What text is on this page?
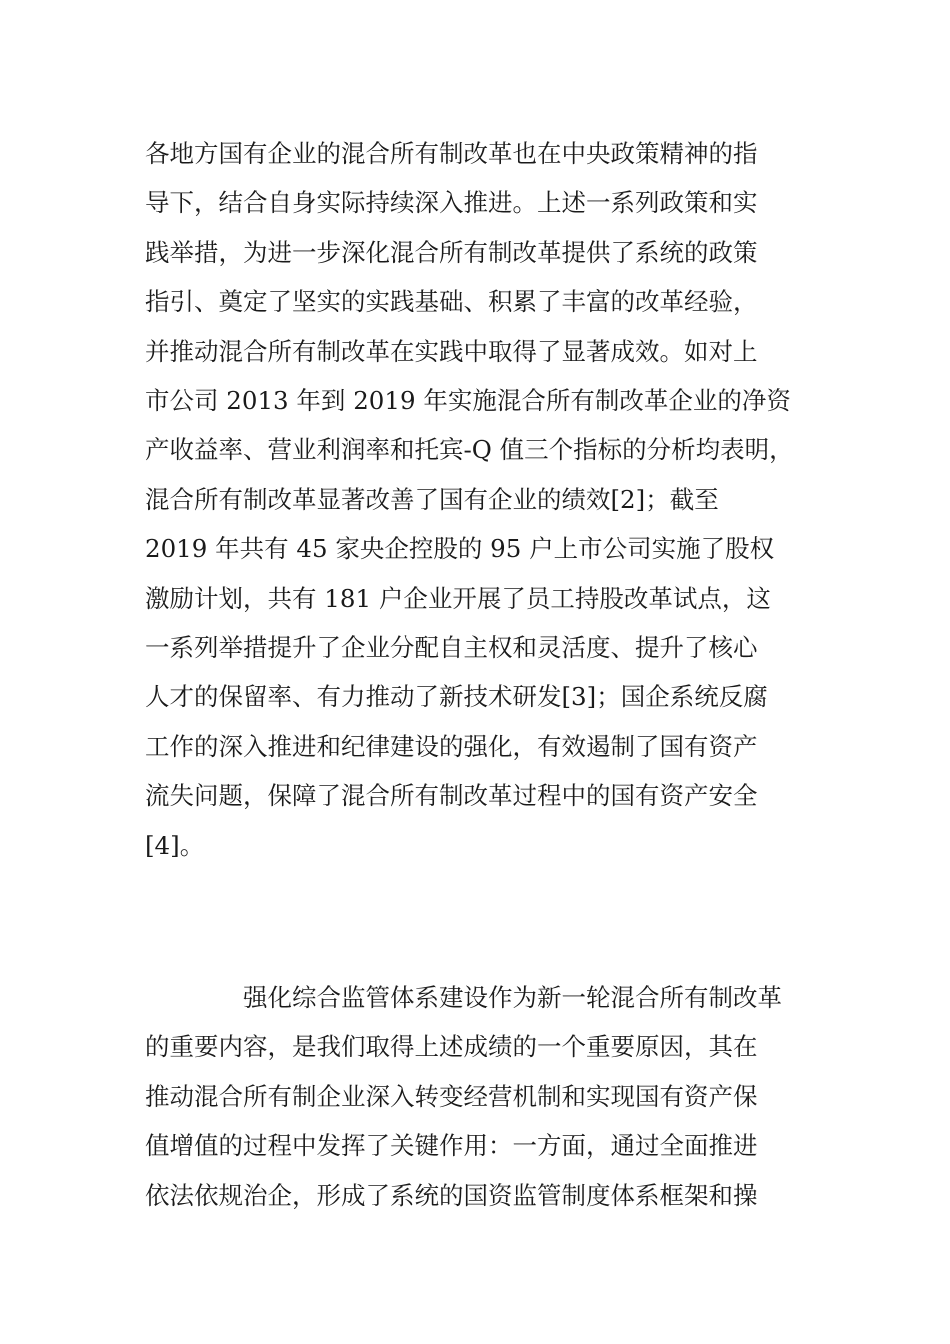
各地方国有企业的混合所有制改革也在中央政策精神的指
导下，结合自身实际持续深入推进。上述一系列政策和实
践举措，为进一步深化混合所有制改革提供了系统的政策
指引、奠定了坚实的实践基础、积累了丰富的改革经验，
并推动混合所有制改革在实践中取得了显著成效。如对上
市公司 2013 年到 2019 年实施混合所有制改革企业的净资
产收益率、营业利润率和托宾-Q 值三个指标的分析均表明，
混合所有制改革显著改善了国有企业的绩效[2]；截至
2019 年共有 45 家央企控股的 95 户上市公司实施了股权
激励计划，共有 181 户企业开展了员工持股改革试点，这
一系列举措提升了企业分配自主权和灵活度、提升了核心
人才的保留率、有力推动了新技术研发[3]；国企系统反腐
工作的深入推进和纪律建设的强化，有效遏制了国有资产
流失问题，保障了混合所有制改革过程中的国有资产安全
[4]。
强化综合监管体系建设作为新一轮混合所有制改革
的重要内容，是我们取得上述成绩的一个重要原因，其在
推动混合所有制企业深入转变经营机制和实现国有资产保
值增值的过程中发挥了关键作用：一方面，通过全面推进
依法依规治企，形成了系统的国资监管制度体系框架和操
